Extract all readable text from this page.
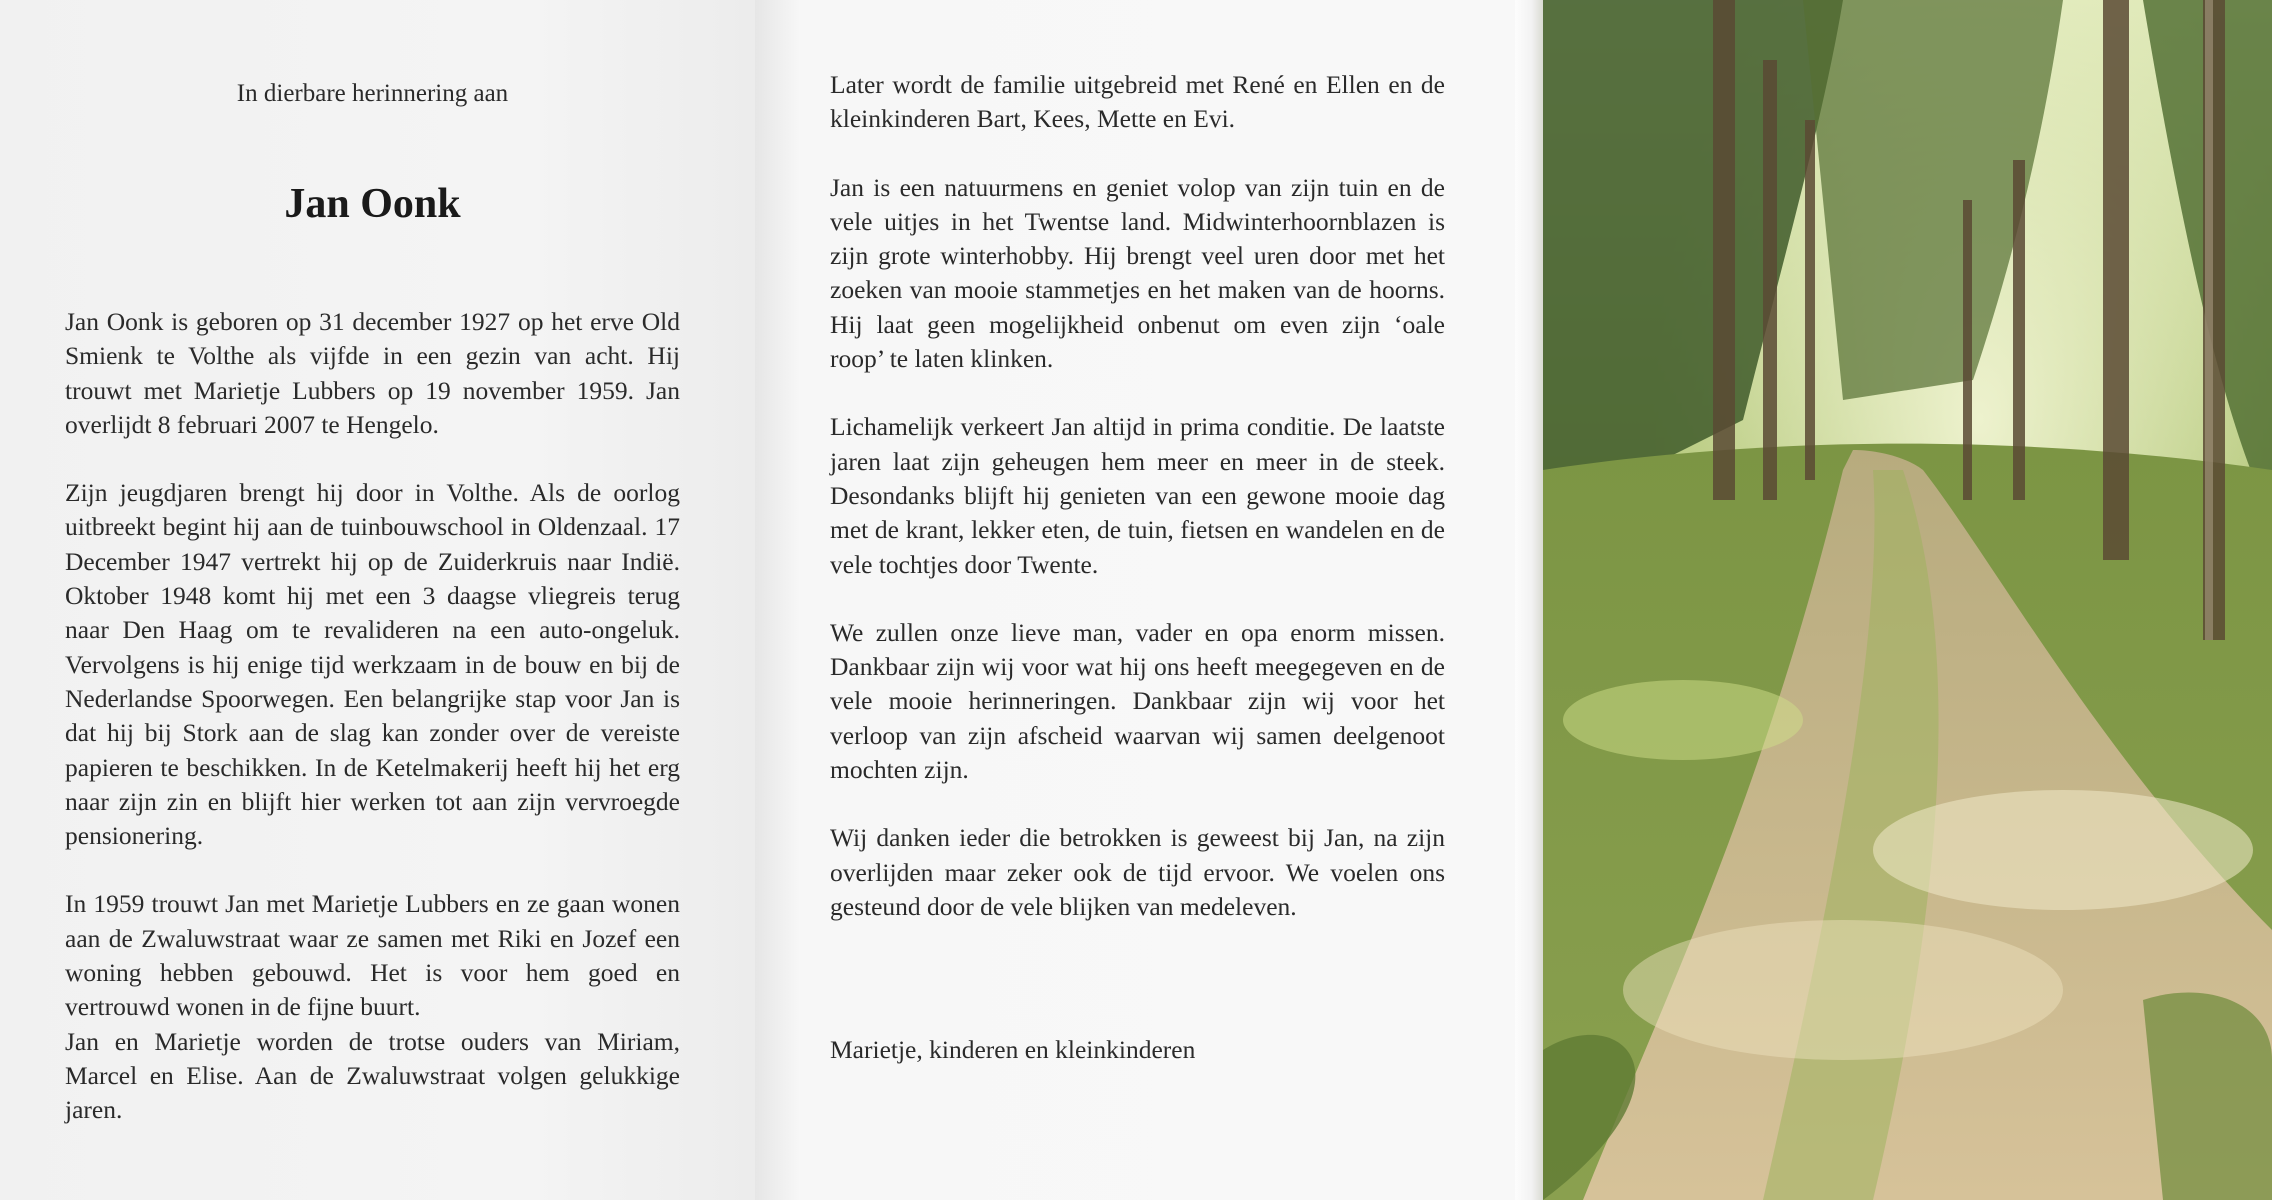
In dierbare herinnering aan
Jan Oonk

Jan Oonk is geboren op 31 december 1927 op het erve Old Smienk te Volthe als vijfde in een gezin van acht. Hij trouwt met Marietje Lubbers op 19 november 1959. Jan overlijdt 8 februari 2007 te Hengelo.

Zijn jeugdjaren brengt hij door in Volthe. Als de oorlog uitbreekt begint hij aan de tuinbouwschool in Oldenzaal. 17 December 1947 vertrekt hij op de Zuiderkruis naar Indië. Oktober 1948 komt hij met een 3 daagse vliegreis terug naar Den Haag om te revalideren na een auto-ongeluk. Vervolgens is hij enige tijd werkzaam in de bouw en bij de Nederlandse Spoorwegen. Een belangrijke stap voor Jan is dat hij bij Stork aan de slag kan zonder over de vereiste papieren te beschikken. In de Ketelmakerij heeft hij het erg naar zijn zin en blijft hier werken tot aan zijn vervroegde pensionering.

In 1959 trouwt Jan met Marietje Lubbers en ze gaan wonen aan de Zwaluwstraat waar ze samen met Riki en Jozef een woning hebben gebouwd. Het is voor hem goed en vertrouwd wonen in de fijne buurt.

Jan en Marietje worden de trotse ouders van Miriam, Marcel en Elise. Aan de Zwaluwstraat volgen gelukkige jaren.

Later wordt de familie uitgebreid met René en Ellen en de kleinkinderen Bart, Kees, Mette en Evi.

Jan is een natuurmens en geniet volop van zijn tuin en de vele uitjes in het Twentse land. Midwinterhoornblazen is zijn grote winterhobby. Hij brengt veel uren door met het zoeken van mooie stammetjes en het maken van de hoorns. Hij laat geen mogelijkheid onbenut om even zijn ‘oale roop’ te laten klinken.

Lichamelijk verkeert Jan altijd in prima conditie. De laatste jaren laat zijn geheugen hem meer en meer in de steek. Desondanks blijft hij genieten van een gewone mooie dag met de krant, lekker eten, de tuin, fietsen en wandelen en de vele tochtjes door Twente.

We zullen onze lieve man, vader en opa enorm missen. Dankbaar zijn wij voor wat hij ons heeft meegegeven en de vele mooie herinneringen. Dankbaar zijn wij voor het verloop van zijn afscheid waarvan wij samen deelgenoot mochten zijn.

Wij danken ieder die betrokken is geweest bij Jan, na zijn overlijden maar zeker ook de tijd ervoor. We voelen ons gesteund door de vele blijken van medeleven.

Marietje, kinderen en kleinkinderen
